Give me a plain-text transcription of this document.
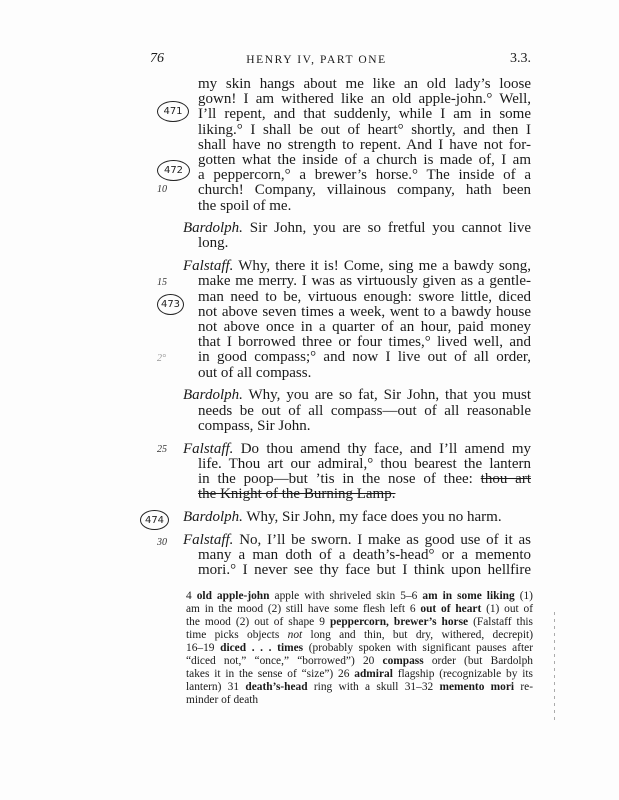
76	HENRY IV, PART ONE	3.3.
my skin hangs about me like an old lady’s loose
gown! I am withered like an old apple-john.° Well,
I’ll repent, and that suddenly, while I am in some
liking.° I shall be out of heart° shortly, and then I
shall have no strength to repent. And I have not for-
gotten what the inside of a church is made of, I am
a peppercorn,° a brewer’s horse.° The inside of a
church! Company, villainous company, hath been
the spoil of me.
Bardolph. Sir John, you are so fretful you cannot live
long.
Falstaff. Why, there it is! Come, sing me a bawdy song,
make me merry. I was as virtuously given as a gentle-
man need to be, virtuous enough: swore little, diced
not above seven times a week, went to a bawdy house
not above once in a quarter of an hour, paid money
that I borrowed three or four times,° lived well, and
in good compass;° and now I live out of all order,
out of all compass.
Bardolph. Why, you are so fat, Sir John, that you must
needs be out of all compass—out of all reasonable
compass, Sir John.
Falstaff. Do thou amend thy face, and I’ll amend my
life. Thou art our admiral,° thou bearest the lantern
in the poop—but ’tis in the nose of thee: thou art
the Knight of the Burning Lamp.
Bardolph. Why, Sir John, my face does you no harm.
Falstaff. No, I’ll be sworn. I make as good use of it as
many a man doth of a death’s-head° or a memento
mori.° I never see thy face but I think upon hellfire
10
15
2°
25
30
471
472
473
474
4 old apple-john apple with shriveled skin 5–6 am in some liking (1)
am in the mood (2) still have some flesh left 6 out of heart (1) out of
the mood (2) out of shape 9 peppercorn, brewer’s horse (Falstaff this
time picks objects not long and thin, but dry, withered, decrepit)
16–19 diced . . . times (probably spoken with significant pauses after
“diced not,” “once,” “borrowed”) 20 compass order (but Bardolph
takes it in the sense of “size”) 26 admiral flagship (recognizable by its
lantern) 31 death’s-head ring with a skull 31–32 memento mori re-
minder of death
